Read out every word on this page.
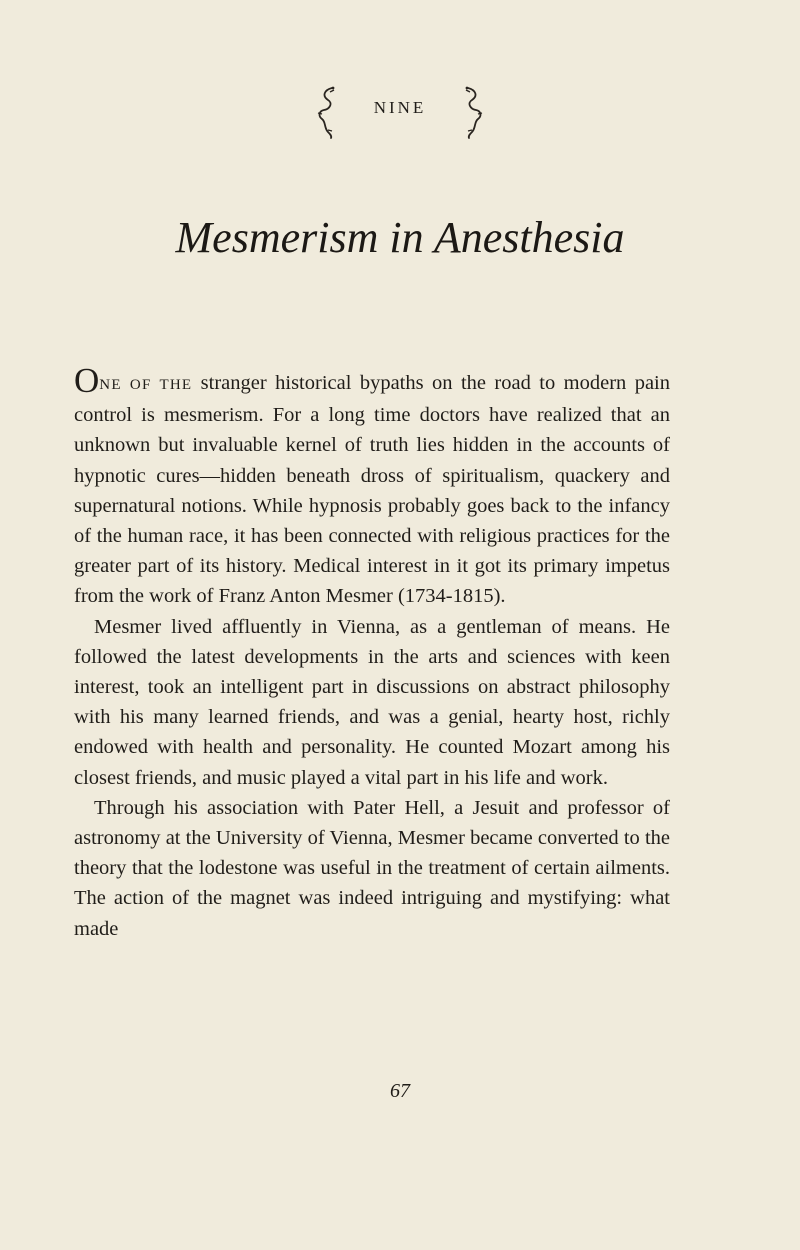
NINE
Mesmerism in Anesthesia

ONE OF THE stranger historical bypaths on the road to modern pain control is mesmerism. For a long time doctors have realized that an unknown but invaluable kernel of truth lies hidden in the accounts of hypnotic cures—hidden beneath dross of spiritualism, quackery and supernatural notions. While hypnosis probably goes back to the infancy of the human race, it has been connected with religious practices for the greater part of its history. Medical interest in it got its primary impetus from the work of Franz Anton Mesmer (1734-1815).

Mesmer lived affluently in Vienna, as a gentleman of means. He followed the latest developments in the arts and sciences with keen interest, took an intelligent part in discussions on abstract philosophy with his many learned friends, and was a genial, hearty host, richly endowed with health and personality. He counted Mozart among his closest friends, and music played a vital part in his life and work.

Through his association with Pater Hell, a Jesuit and professor of astronomy at the University of Vienna, Mesmer became converted to the theory that the lodestone was useful in the treatment of certain ailments. The action of the magnet was indeed intriguing and mystifying: what made

67
